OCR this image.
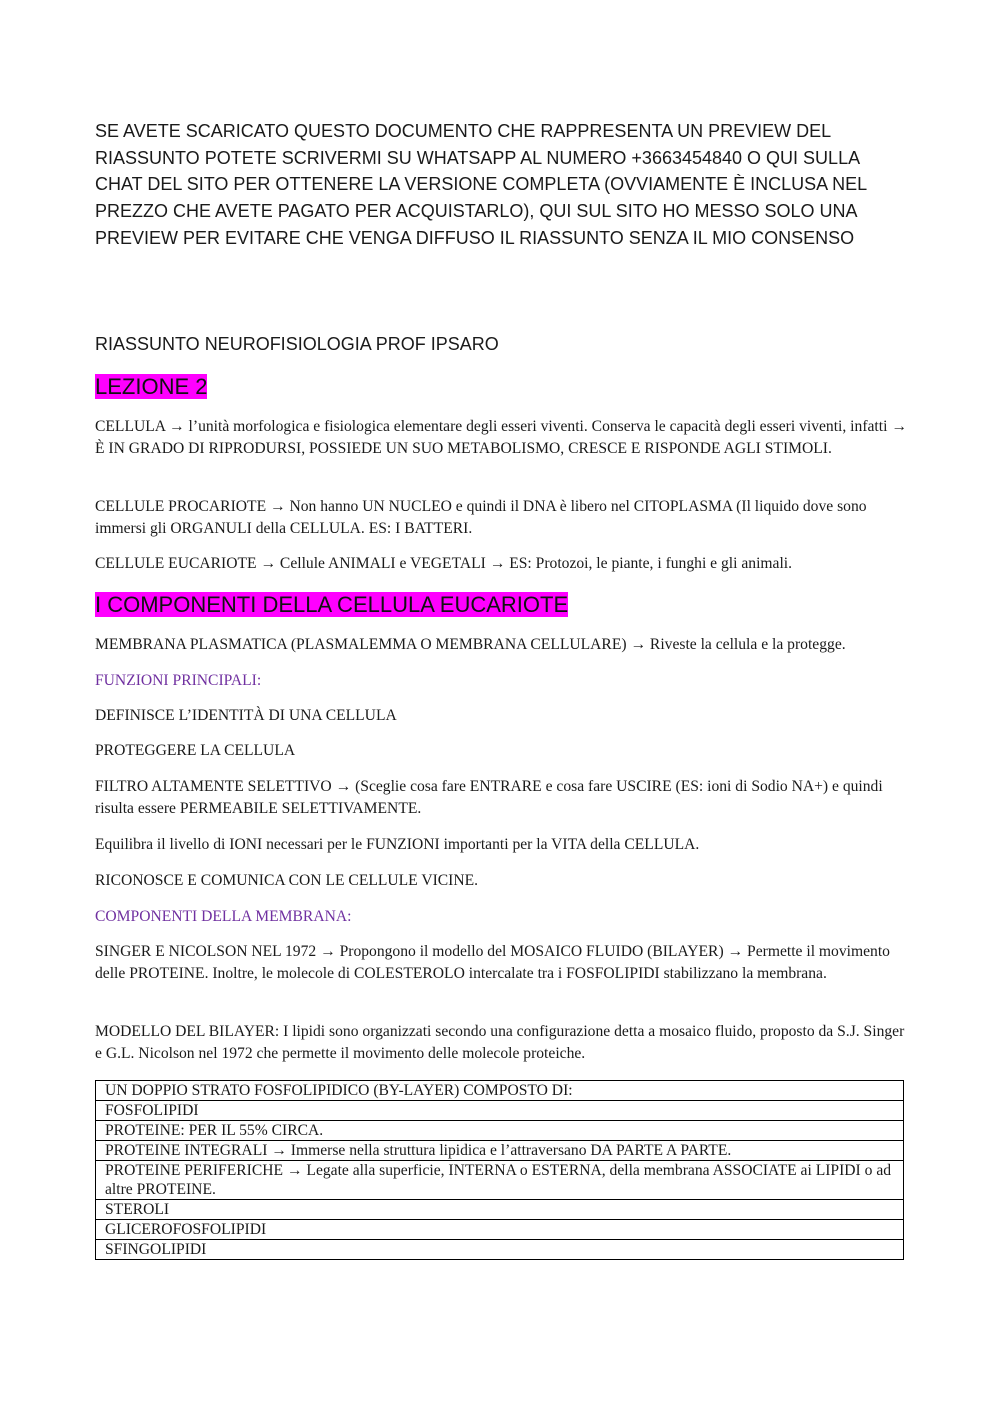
SE AVETE SCARICATO QUESTO DOCUMENTO CHE RAPPRESENTA UN PREVIEW DEL RIASSUNTO POTETE SCRIVERMI SU WHATSAPP AL NUMERO +3663454840 O QUI SULLA CHAT DEL SITO PER OTTENERE LA VERSIONE COMPLETA (OVVIAMENTE È INCLUSA NEL PREZZO CHE AVETE PAGATO PER ACQUISTARLO), QUI SUL SITO HO MESSO SOLO UNA PREVIEW PER EVITARE CHE VENGA DIFFUSO IL RIASSUNTO SENZA IL MIO CONSENSO

RIASSUNTO NEUROFISIOLOGIA PROF IPSARO

LEZIONE 2

CELLULA → l’unità morfologica e fisiologica elementare degli esseri viventi. Conserva le capacità degli esseri viventi, infatti → È IN GRADO DI RIPRODURSI, POSSIEDE UN SUO METABOLISMO, CRESCE E RISPONDE AGLI STIMOLI.

CELLULE PROCARIOTE → Non hanno UN NUCLEO e quindi il DNA è libero nel CITOPLASMA (Il liquido dove sono immersi gli ORGANULI della CELLULA. ES: I BATTERI.

CELLULE EUCARIOTE → Cellule ANIMALI e VEGETALI → ES: Protozoi, le piante, i funghi e gli animali.

I COMPONENTI DELLA CELLULA EUCARIOTE

MEMBRANA PLASMATICA (PLASMALEMMA O MEMBRANA CELLULARE) → Riveste la cellula e la protegge.

FUNZIONI PRINCIPALI:

DEFINISCE L’IDENTITÀ DI UNA CELLULA

PROTEGGERE LA CELLULA

FILTRO ALTAMENTE SELETTIVO → (Sceglie cosa fare ENTRARE e cosa fare USCIRE (ES: ioni di Sodio NA+) e quindi risulta essere PERMEABILE SELETTIVAMENTE.

Equilibra il livello di IONI necessari per le FUNZIONI importanti per la VITA della CELLULA.

RICONOSCE E COMUNICA CON LE CELLULE VICINE.

COMPONENTI DELLA MEMBRANA:

SINGER E NICOLSON NEL 1972 → Propongono il modello del MOSAICO FLUIDO (BILAYER) → Permette il movimento delle PROTEINE. Inoltre, le molecole di COLESTEROLO intercalate tra i FOSFOLIPIDI stabilizzano la membrana.

MODELLO DEL BILAYER: I lipidi sono organizzati secondo una configurazione detta a mosaico fluido, proposto da S.J. Singer e G.L. Nicolson nel 1972 che permette il movimento delle molecole proteiche.

UN DOPPIO STRATO FOSFOLIPIDICO (BY-LAYER) COMPOSTO DI:
FOSFOLIPIDI
PROTEINE: PER IL 55% CIRCA.
PROTEINE INTEGRALI → Immerse nella struttura lipidica e l’attraversano DA PARTE A PARTE.
PROTEINE PERIFERICHE → Legate alla superficie, INTERNA o ESTERNA, della membrana ASSOCIATE ai LIPIDI o ad altre PROTEINE.
STEROLI
GLICEROFOSFOLIPIDI
SFINGOLIPIDI
